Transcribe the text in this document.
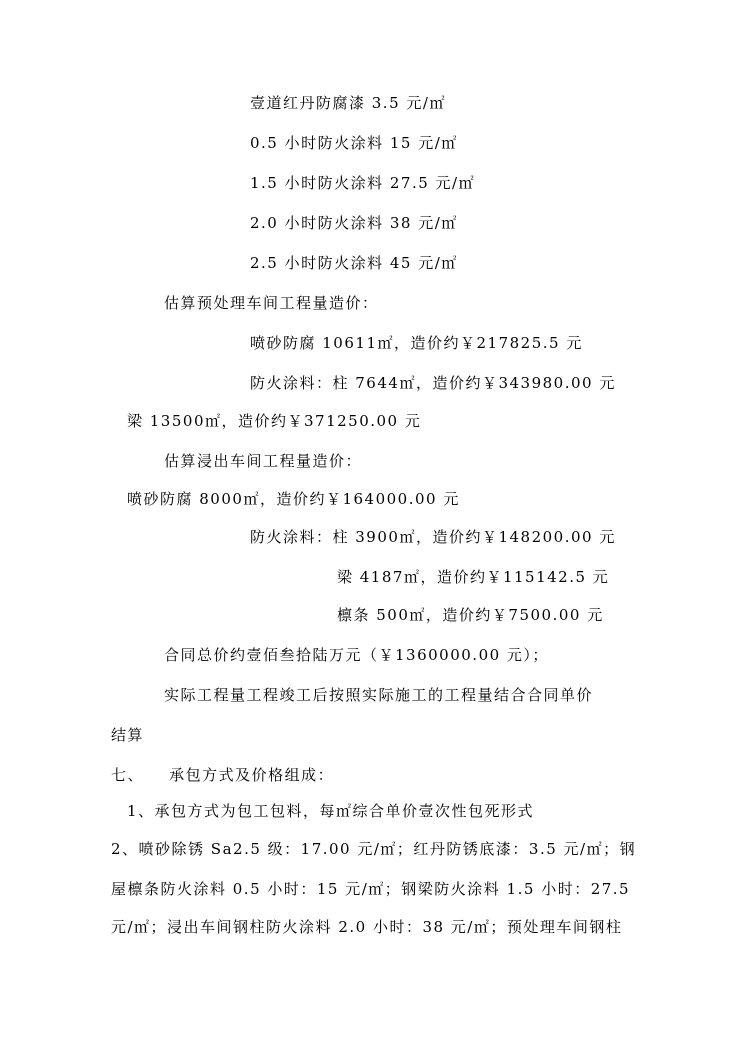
壹道红丹防腐漆 3.5 元/㎡
0.5 小时防火涂料 15 元/㎡
1.5 小时防火涂料 27.5 元/㎡
2.0 小时防火涂料 38 元/㎡
2.5 小时防火涂料 45 元/㎡
估算预处理车间工程量造价：
喷砂防腐 10611㎡，造价约￥217825.5 元
防火涂料：柱 7644㎡，造价约￥343980.00 元
梁 13500㎡，造价约￥371250.00 元
估算浸出车间工程量造价：
喷砂防腐 8000㎡，造价约￥164000.00 元
防火涂料：柱 3900㎡，造价约￥148200.00 元
梁 4187㎡，造价约￥115142.5 元
檩条 500㎡，造价约￥7500.00 元
合同总价约壹佰叁拾陆万元（￥1360000.00 元）；
实际工程量工程竣工后按照实际施工的工程量结合合同单价
结算
七、    承包方式及价格组成：
1、承包方式为包工包料，每㎡综合单价壹次性包死形式
2、喷砂除锈 Sa2.5 级：17.00 元/㎡；红丹防锈底漆：3.5 元/㎡；钢
屋檩条防火涂料 0.5 小时：15 元/㎡；钢梁防火涂料 1.5 小时：27.5
元/㎡；浸出车间钢柱防火涂料 2.0 小时：38 元/㎡；预处理车间钢柱
